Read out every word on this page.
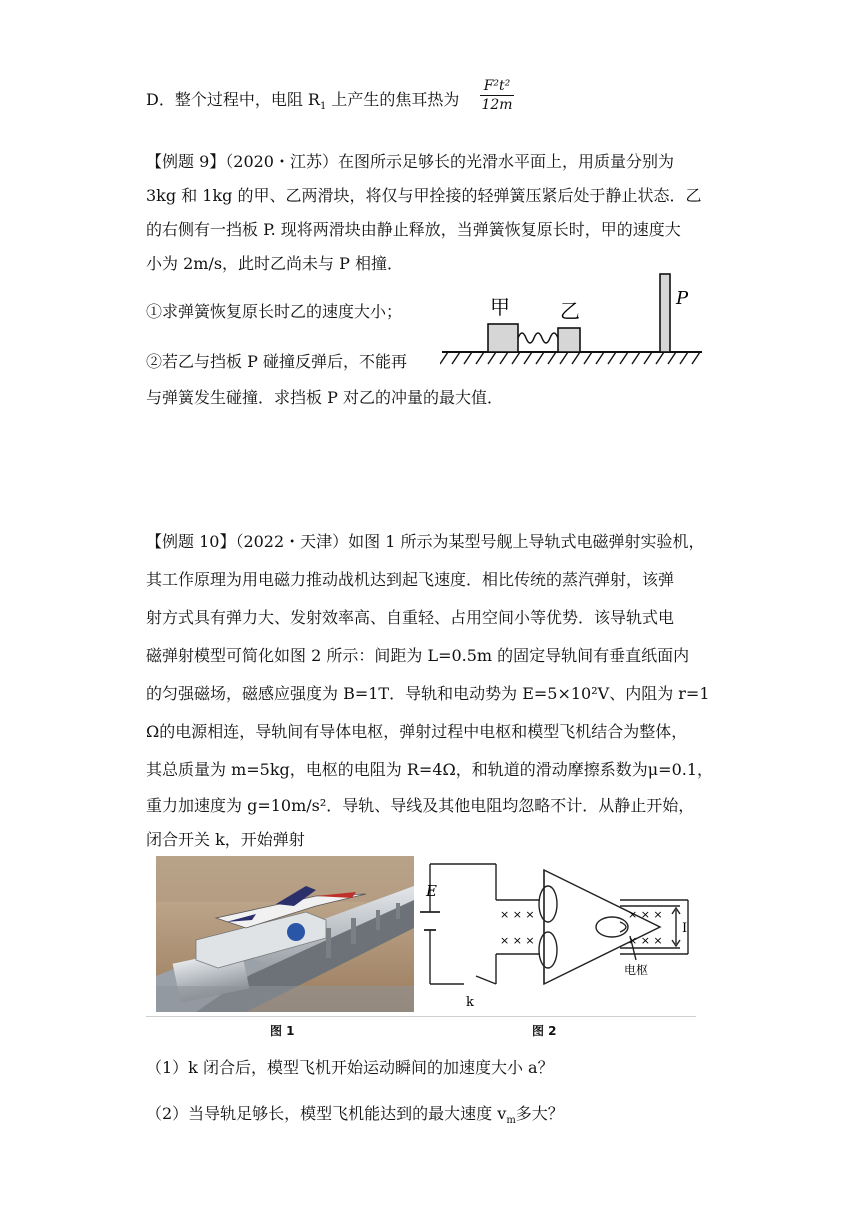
D．整个过程中，电阻 $R_1$ 上产生的焦耳热为 $\frac{\text{F²t²}}{12m}$
【例题 9】（2020・江苏）在图所示足够长的光滑水平面上，用质量分别为
3kg 和 1kg 的甲、乙两滑块，将仅与甲拴接的轻弹簧压紧后处于静止状态．乙
的右侧有一挡板 P. 现将两滑块由静止释放，当弹簧恢复原长时，甲的速度大
小为 2m/s，此时乙尚未与 P 相撞．
①求弹簧恢复原长时乙的速度大小；
②若乙与挡板 P 碰撞反弹后，不能再
与弹簧发生碰撞．求挡板 P 对乙的冲量的最大值．
甲	乙
P
【例题 10】（2022・天津）如图 1 所示为某型号舰上导轨式电磁弹射实验机，
其工作原理为用电磁力推动战机达到起飞速度．相比传统的蒸汽弹射，该弹
射方式具有弹力大、发射效率高、自重轻、占用空间小等优势．该导轨式电
磁弹射模型可简化如图 2 所示：间距为 L=0.5m 的固定导轨间有垂直纸面内
的匀强磁场，磁感应强度为 B=1T．导轨和电动势为 E=5×10²V、内阻为 r=1
Ω的电源相连，导轨间有导体电枢，弹射过程中电枢和模型飞机结合为整体，
其总质量为 m=5kg，电枢的电阻为 R=4Ω，和轨道的滑动摩擦系数为μ=0.1，
重力加速度为 g=10m/s²．导轨、导线及其他电阻均忽略不计．从静止开始，
闭合开关 k，开始弹射
E
k
电枢
I
× × ×
× × ×
× × ×
× × ×
图 1	图 2
（1）k 闭合后，模型飞机开始运动瞬间的加速度大小 a？
（2）当导轨足够长，模型飞机能达到的最大速度 $v_m$多大？
